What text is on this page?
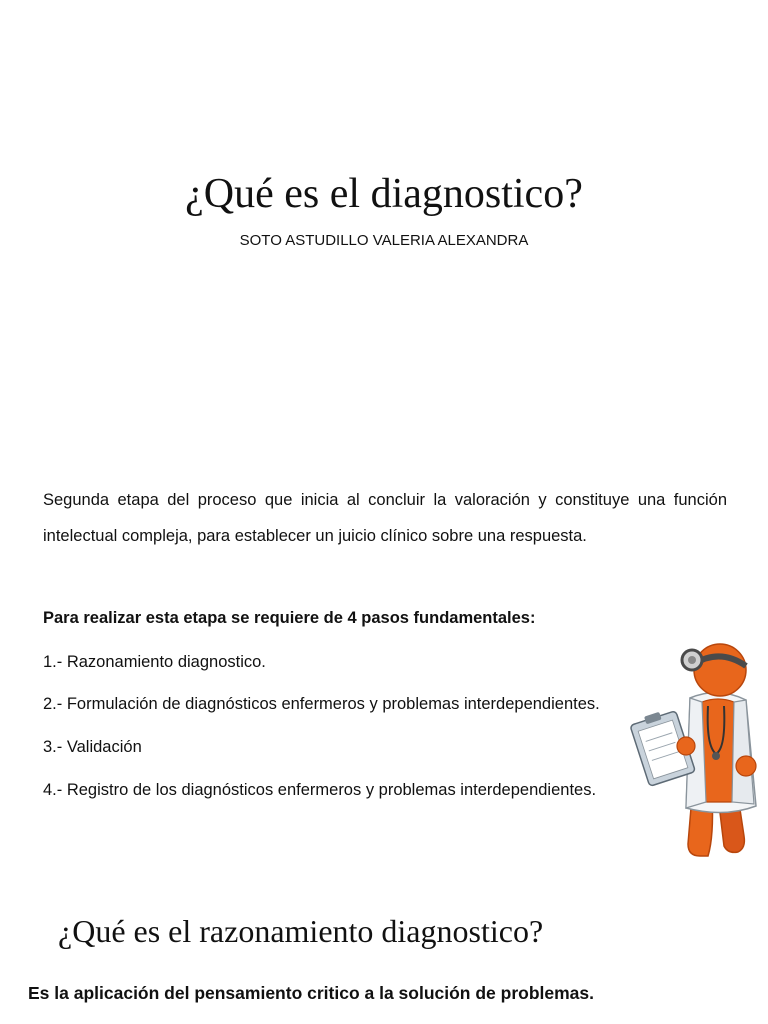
¿Qué es el diagnostico?
SOTO ASTUDILLO VALERIA ALEXANDRA
Segunda etapa del proceso que inicia al concluir la valoración y constituye una función intelectual compleja, para establecer un juicio clínico sobre una respuesta.
Para realizar esta etapa se requiere de 4 pasos fundamentales:
1.- Razonamiento diagnostico.
2.- Formulación de diagnósticos enfermeros y problemas interdependientes.
3.- Validación
4.- Registro de los diagnósticos enfermeros y problemas interdependientes.
¿Qué es el razonamiento diagnostico?
Es la aplicación del pensamiento critico a la solución de problemas.
